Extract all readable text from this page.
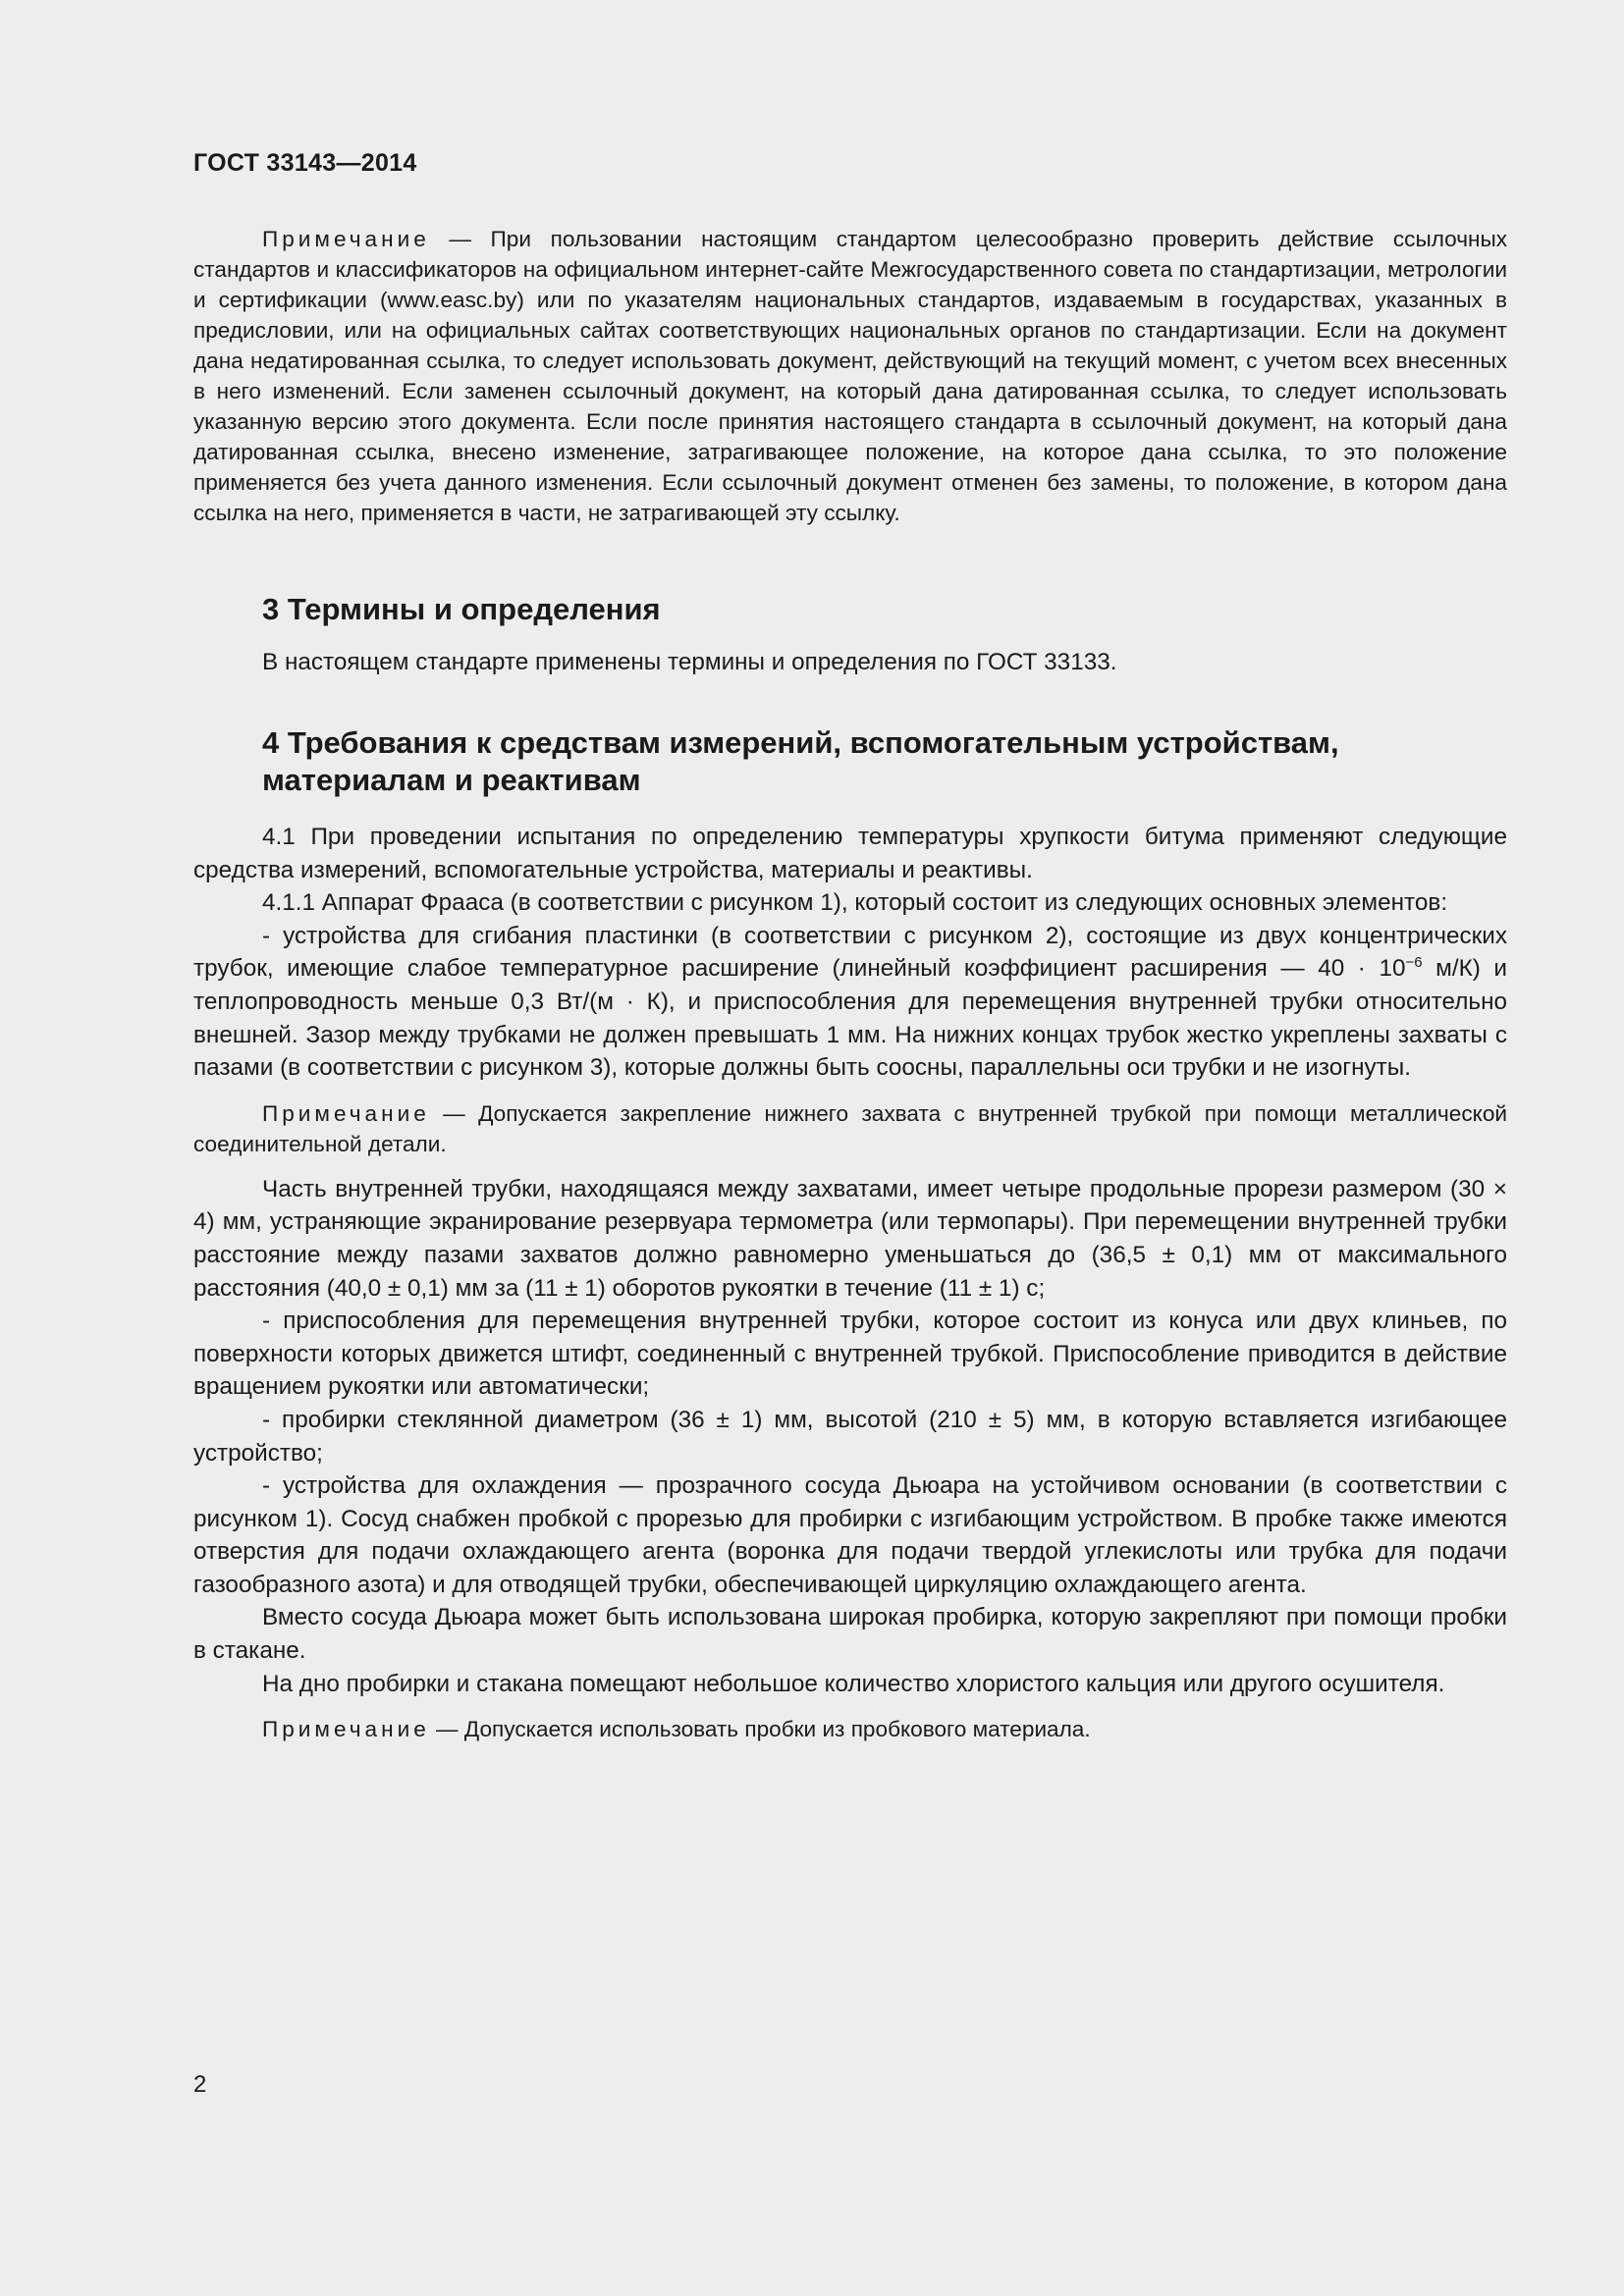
ГОСТ 33143—2014

Примечание — При пользовании настоящим стандартом целесообразно проверить действие ссылочных стандартов и классификаторов на официальном интернет-сайте Межгосударственного совета по стандартизации, метрологии и сертификации (www.easc.by) или по указателям национальных стандартов, издаваемым в государствах, указанных в предисловии, или на официальных сайтах соответствующих национальных органов по стандартизации. Если на документ дана недатированная ссылка, то следует использовать документ, действующий на текущий момент, с учетом всех внесенных в него изменений. Если заменен ссылочный документ, на который дана датированная ссылка, то следует использовать указанную версию этого документа. Если после принятия настоящего стандарта в ссылочный документ, на который дана датированная ссылка, внесено изменение, затрагивающее положение, на которое дана ссылка, то это положение применяется без учета данного изменения. Если ссылочный документ отменен без замены, то положение, в котором дана ссылка на него, применяется в части, не затрагивающей эту ссылку.

3 Термины и определения

В настоящем стандарте применены термины и определения по ГОСТ 33133.

4 Требования к средствам измерений, вспомогательным устройствам,
материалам и реактивам

4.1 При проведении испытания по определению температуры хрупкости битума применяют следующие средства измерений, вспомогательные устройства, материалы и реактивы.

4.1.1 Аппарат Фрааса (в соответствии с рисунком 1), который состоит из следующих основных элементов:

- устройства для сгибания пластинки (в соответствии с рисунком 2), состоящие из двух концентрических трубок, имеющие слабое температурное расширение (линейный коэффициент расширения — $40 \cdot 10^{-6}$ м/К) и теплопроводность меньше 0,3 Вт/(м · К), и приспособления для перемещения внутренней трубки относительно внешней. Зазор между трубками не должен превышать 1 мм. На нижних концах трубок жестко укреплены захваты с пазами (в соответствии с рисунком 3), которые должны быть соосны, параллельны оси трубки и не изогнуты.

Примечание — Допускается закрепление нижнего захвата с внутренней трубкой при помощи металлической соединительной детали.

Часть внутренней трубки, находящаяся между захватами, имеет четыре продольные прорези размером (30 × 4) мм, устраняющие экранирование резервуара термометра (или термопары). При перемещении внутренней трубки расстояние между пазами захватов должно равномерно уменьшаться до (36,5 ± 0,1) мм от максимального расстояния (40,0 ± 0,1) мм за (11 ± 1) оборотов рукоятки в течение (11 ± 1) с;

- приспособления для перемещения внутренней трубки, которое состоит из конуса или двух клиньев, по поверхности которых движется штифт, соединенный с внутренней трубкой. Приспособление приводится в действие вращением рукоятки или автоматически;

- пробирки стеклянной диаметром (36 ± 1) мм, высотой (210 ± 5) мм, в которую вставляется изгибающее устройство;

- устройства для охлаждения — прозрачного сосуда Дьюара на устойчивом основании (в соответствии с рисунком 1). Сосуд снабжен пробкой с прорезью для пробирки с изгибающим устройством. В пробке также имеются отверстия для подачи охлаждающего агента (воронка для подачи твердой углекислоты или трубка для подачи газообразного азота) и для отводящей трубки, обеспечивающей циркуляцию охлаждающего агента.

Вместо сосуда Дьюара может быть использована широкая пробирка, которую закрепляют при помощи пробки в стакане.

На дно пробирки и стакана помещают небольшое количество хлористого кальция или другого осушителя.

Примечание — Допускается использовать пробки из пробкового материала.

2
